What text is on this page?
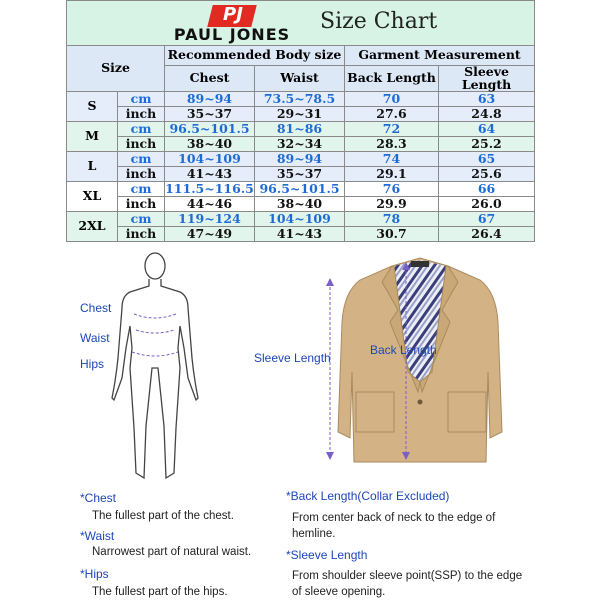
Size		Recommended Body size		Garment Measurement	
		Chest	Waist	Back Length	Sleeve Length
S	cm	89~94	73.5~78.5	70	63
	inch	35~37	29~31	27.6	24.8
M	cm	96.5~101.5	81~86	72	64
	inch	38~40	32~34	28.3	25.2
L	cm	104~109	89~94	74	65
	inch	41~43	35~37	29.1	25.6
XL	cm	111.5~116.5	96.5~101.5	76	66
	inch	44~46	38~40	29.9	26.0
2XL	cm	119~124	104~109	78	67
	inch	47~49	41~43	30.7	26.4
PJ
PAUL JONES
Size Chart
Chest
Waist
Hips	Sleeve Length
Back Length
*Chest
The fullest part of the chest.
*Waist
Narrowest part of natural waist.
*Hips
The fullest part of the hips.
*Back Length(Collar Excluded)
From center back of neck to the edge of hemline.
*Sleeve Length
From shoulder sleeve point(SSP) to the edge of sleeve opening.
